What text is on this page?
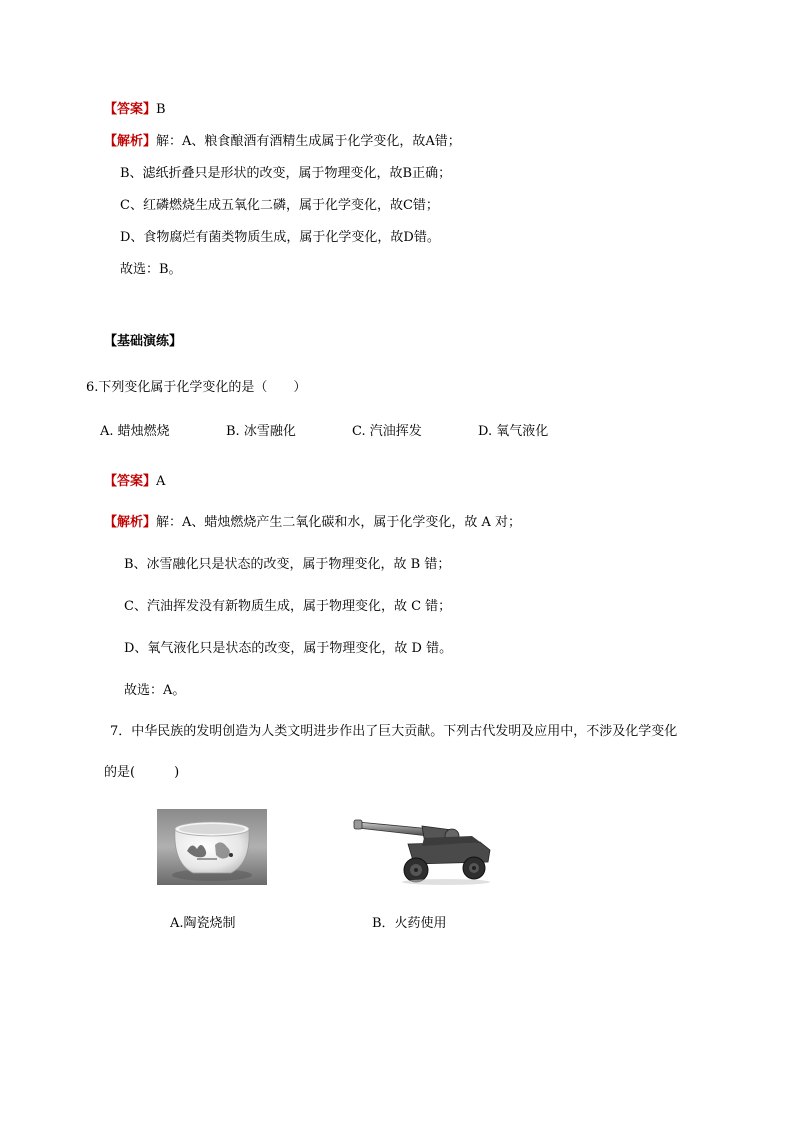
【答案】B
【解析】解：A、粮食酿酒有酒精生成属于化学变化，故A错；
B、滤纸折叠只是形状的改变，属于物理变化，故B正确；
C、红磷燃烧生成五氧化二磷，属于化学变化，故C错；
D、食物腐烂有菌类物质生成，属于化学变化，故D错。
故选：B。
【基础演练】
6.下列变化属于化学变化的是（　　）
A. 蜡烛燃烧	B. 冰雪融化	C. 汽油挥发	D. 氧气液化
【答案】A
【解析】解：A、蜡烛燃烧产生二氧化碳和水，属于化学变化，故 A 对；
B、冰雪融化只是状态的改变，属于物理变化，故 B 错；
C、汽油挥发没有新物质生成，属于物理变化，故 C 错；
D、氧气液化只是状态的改变，属于物理变化，故 D 错。
故选：A。
7．中华民族的发明创造为人类文明进步作出了巨大贡献。下列古代发明及应用中，不涉及化学变化
的是(　　　)
A.陶瓷烧制	B．火药使用
